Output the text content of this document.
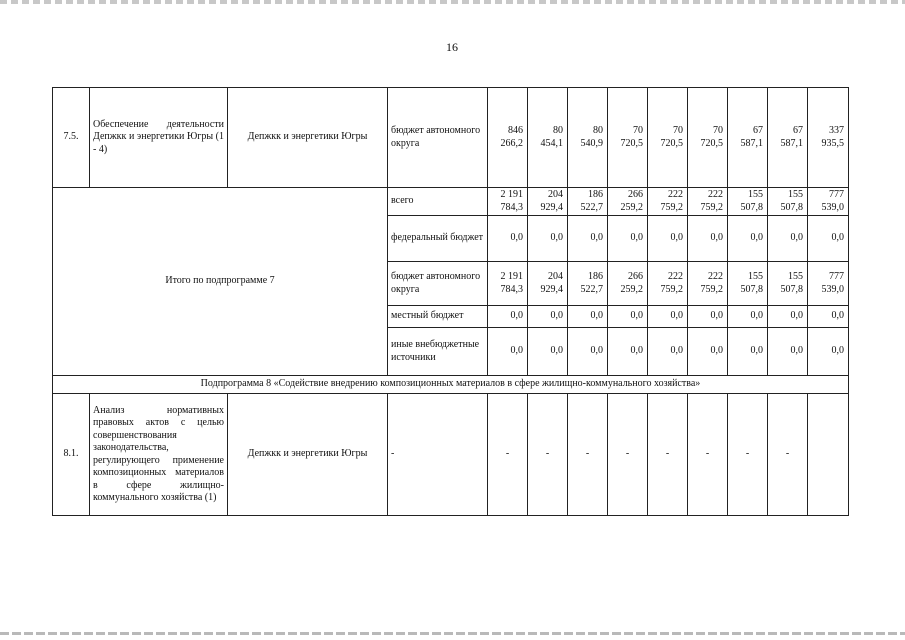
16
7.5.	Обеспечение деятельности Депжкк и энергетики Югры (1 - 4)	Депжкк и энергетики Югры	бюджет автономного округа	846 266,2	80 454,1	80 540,9	70 720,5	70 720,5	70 720,5	67 587,1	67 587,1	337 935,5
Итого по подпрограмме 7			всего	2 191 784,3	204 929,4	186 522,7	266 259,2	222 759,2	222 759,2	155 507,8	155 507,8	777 539,0
			федеральный бюджет	0,0	0,0	0,0	0,0	0,0	0,0	0,0	0,0	0,0
			бюджет автономного округа	2 191 784,3	204 929,4	186 522,7	266 259,2	222 759,2	222 759,2	155 507,8	155 507,8	777 539,0
			местный бюджет	0,0	0,0	0,0	0,0	0,0	0,0	0,0	0,0	0,0
			иные внебюджетные источники	0,0	0,0	0,0	0,0	0,0	0,0	0,0	0,0	0,0
Подпрограмма 8 «Содействие внедрению композиционных материалов в сфере жилищно-коммунального хозяйства»												
8.1.	Анализ нормативных правовых актов с целью совершенствования законодательства, регулирующего применение композиционных материалов в сфере жилищно-коммунального хозяйства (1)	Депжкк и энергетики Югры	-	-	-	-	-	-	-	-	-	
